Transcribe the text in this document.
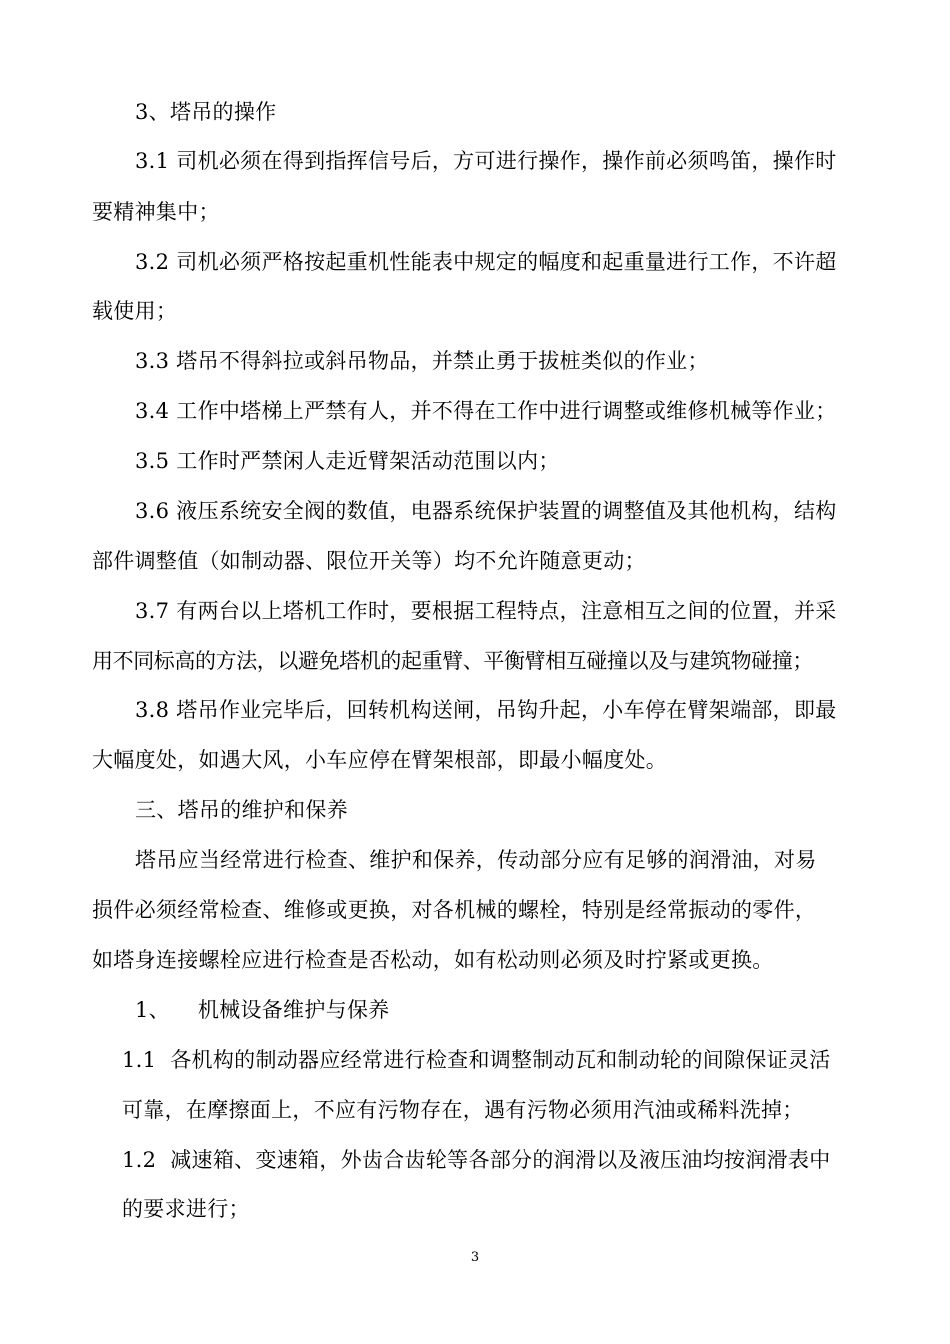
3、塔吊的操作
3.1 司机必须在得到指挥信号后，方可进行操作，操作前必须鸣笛，操作时
要精神集中；
3.2 司机必须严格按起重机性能表中规定的幅度和起重量进行工作，不许超
载使用；
3.3 塔吊不得斜拉或斜吊物品，并禁止勇于拔桩类似的作业；
3.4 工作中塔梯上严禁有人，并不得在工作中进行调整或维修机械等作业；
3.5 工作时严禁闲人走近臂架活动范围以内；
3.6 液压系统安全阀的数值，电器系统保护装置的调整值及其他机构，结构
部件调整值（如制动器、限位开关等）均不允许随意更动；
3.7 有两台以上塔机工作时，要根据工程特点，注意相互之间的位置，并采
用不同标高的方法，以避免塔机的起重臂、平衡臂相互碰撞以及与建筑物碰撞；
3.8 塔吊作业完毕后，回转机构送闸，吊钩升起，小车停在臂架端部，即最
大幅度处，如遇大风，小车应停在臂架根部，即最小幅度处。
三、塔吊的维护和保养
塔吊应当经常进行检查、维护和保养，传动部分应有足够的润滑油，对易
损件必须经常检查、维修或更换，对各机械的螺栓，特别是经常振动的零件，
如塔身连接螺栓应进行检查是否松动，如有松动则必须及时拧紧或更换。
1、    机械设备维护与保养
1.1  各机构的制动器应经常进行检查和调整制动瓦和制动轮的间隙保证灵活
可靠，在摩擦面上，不应有污物存在，遇有污物必须用汽油或稀料洗掉；
1.2  减速箱、变速箱，外齿合齿轮等各部分的润滑以及液压油均按润滑表中
的要求进行；
3
